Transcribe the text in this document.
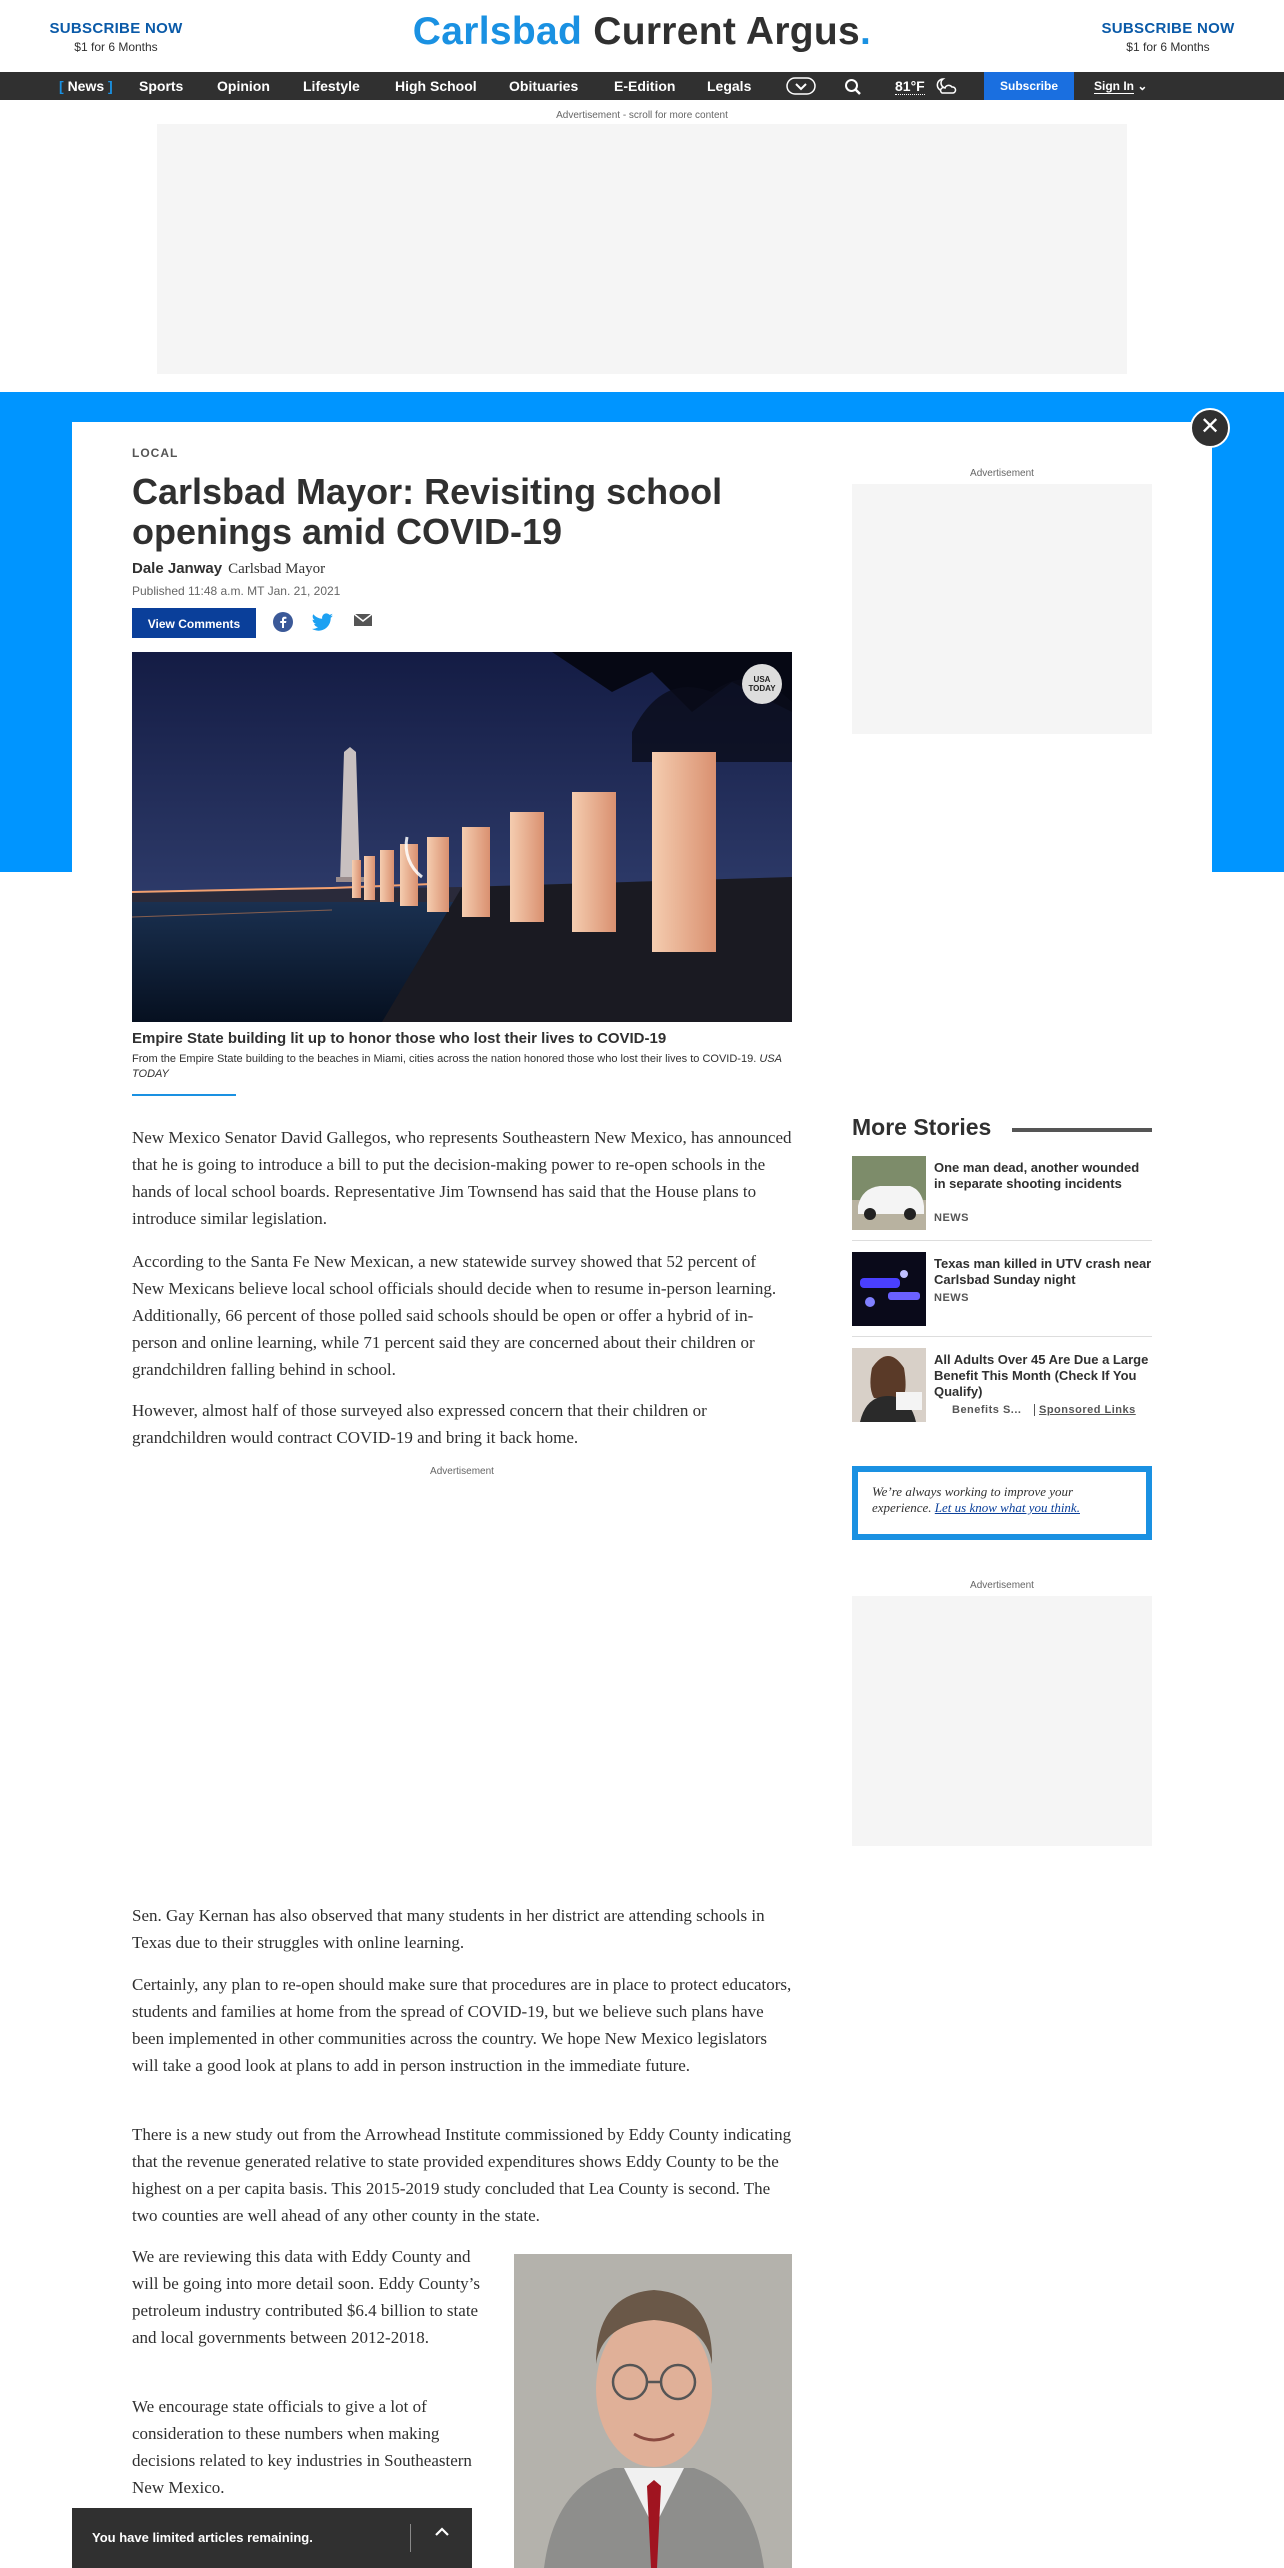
SUBSCRIBE NOW
$1 for 6 Months	Carlsbad Current Argus.	SUBSCRIBE NOW
$1 for 6 Months
[ News ] Sports Opinion Lifestyle	High School Obituaries	E-Edition Legals	81°F	Subscribe	Sign In ⌄
Advertisement - scroll for more content
✕
LOCAL
Carlsbad Mayor: Revisiting school openings amid COVID-19
Dale Janway Carlsbad Mayor
Published 11:48 a.m. MT Jan. 21, 2021
View Comments
USA TODAY
Empire State building lit up to honor those who lost their lives to COVID-19
From the Empire State building to the beaches in Miami, cities across the nation honored those who lost their lives to COVID-19. USA TODAY

New Mexico Senator David Gallegos, who represents Southeastern New Mexico, has announced that he is going to introduce a bill to put the decision-making power to re-open schools in the hands of local school boards. Representative Jim Townsend has said that the House plans to introduce similar legislation.

According to the Santa Fe New Mexican, a new statewide survey showed that 52 percent of New Mexicans believe local school officials should decide when to resume in-person learning. Additionally, 66 percent of those polled said schools should be open or offer a hybrid of in-person and online learning, while 71 percent said they are concerned about their children or grandchildren falling behind in school.

However, almost half of those surveyed also expressed concern that their children or grandchildren would contract COVID-19 and bring it back home.

Advertisement

Sen. Gay Kernan has also observed that many students in her district are attending schools in Texas due to their struggles with online learning.

Certainly, any plan to re-open should make sure that procedures are in place to protect educators, students and families at home from the spread of COVID-19, but we believe such plans have been implemented in other communities across the country. We hope New Mexico legislators will take a good look at plans to add in person instruction in the immediate future.

There is a new study out from the Arrowhead Institute commissioned by Eddy County indicating that the revenue generated relative to state provided expenditures shows Eddy County to be the highest on a per capita basis. This 2015-2019 study concluded that Lea County is second. The two counties are well ahead of any other county in the state.

We are reviewing this data with Eddy County and will be going into more detail soon. Eddy County’s petroleum industry contributed $6.4 billion to state and local governments between 2012-2018.

We encourage state officials to give a lot of consideration to these numbers when making decisions related to key industries in Southeastern New Mexico.

Advertisement
More Stories
One man dead, another wounded in separate shooting incidents
NEWS
Texas man killed in UTV crash near Carlsbad Sunday night
NEWS
All Adults Over 45 Are Due a Large Benefit This Month (Check If You Qualify)
Benefits S...	Sponsored Links
We’re always working to improve your experience. Let us know what you think.
Advertisement
You have limited articles remaining.
